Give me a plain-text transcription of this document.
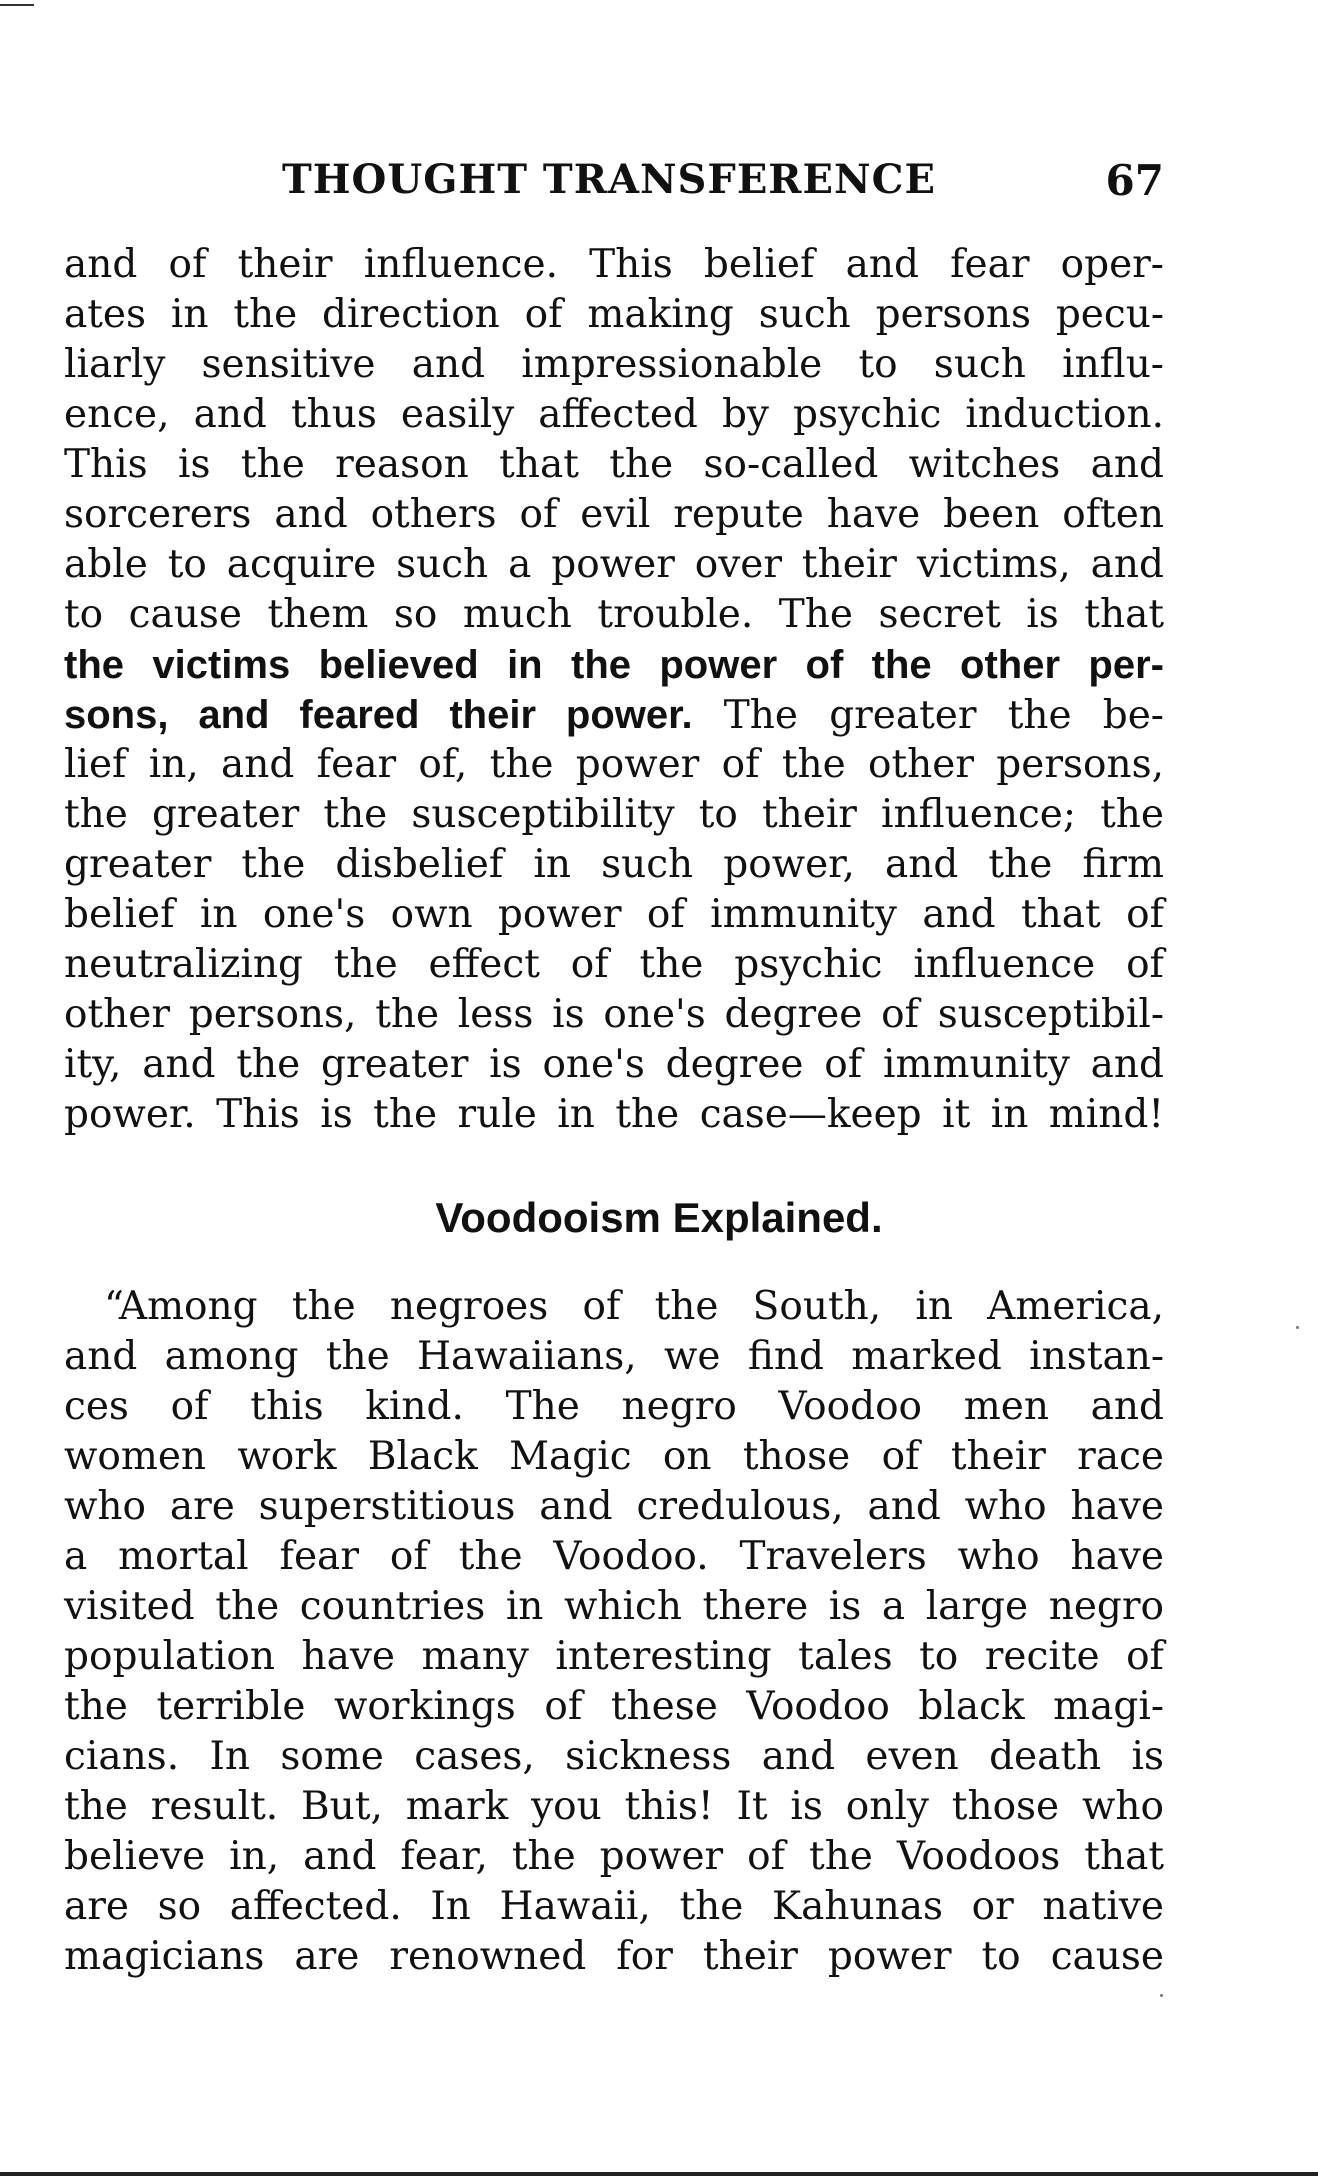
THOUGHT TRANSFERENCE	67
and of their influence. This belief and fear oper-
ates in the direction of making such persons pecu-
liarly sensitive and impressionable to such influ-
ence, and thus easily affected by psychic induction.
This is the reason that the so-called witches and
sorcerers and others of evil repute have been often
able to acquire such a power over their victims, and
to cause them so much trouble. The secret is that
the victims believed in the power of the other per-
sons, and feared their power. The greater the be-
lief in, and fear of, the power of the other persons,
the greater the susceptibility to their influence; the
greater the disbelief in such power, and the firm
belief in one's own power of immunity and that of
neutralizing the effect of the psychic influence of
other persons, the less is one's degree of susceptibil-
ity, and the greater is one's degree of immunity and
power. This is the rule in the case—keep it in mind!
Voodooism Explained.
“Among the negroes of the South, in America,
and among the Hawaiians, we find marked instan-
ces of this kind. The negro Voodoo men and
women work Black Magic on those of their race
who are superstitious and credulous, and who have
a mortal fear of the Voodoo. Travelers who have
visited the countries in which there is a large negro
population have many interesting tales to recite of
the terrible workings of these Voodoo black magi-
cians. In some cases, sickness and even death is
the result. But, mark you this! It is only those who
believe in, and fear, the power of the Voodoos that
are so affected. In Hawaii, the Kahunas or native
magicians are renowned for their power to cause
